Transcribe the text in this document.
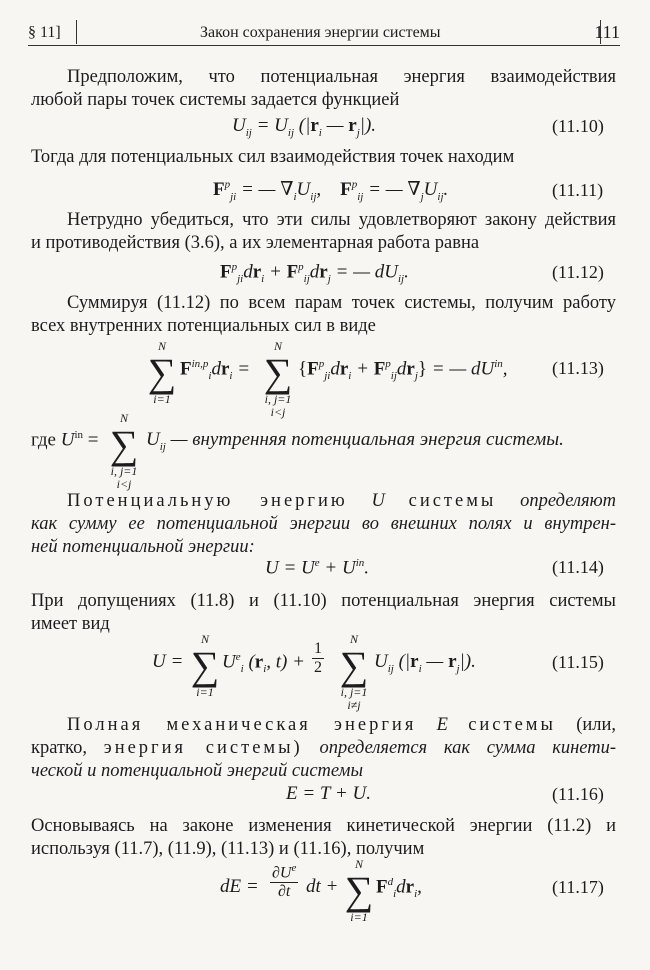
§ 11]	Закон сохранения энергии системы	111

Предположим, что потенциальная энергия взаимодействия

любой пары точек системы задается функцией

$U_{ij} = U_{ij}$ ($|r_i$ — $r_j|$).	(11.10)

Тогда для потенциальных сил взаимодействия точек находим

$F^p_{ji}$ = — $\nabla_iU_{ij}$,    $F^p_{ij}$ = — $\nabla_jU_{ij}$.	(11.11)

Нетрудно убедиться, что эти силы удовлетворяют закону действия

и противодействия (3.6), а их элементарная работа равна

$F^p_{ji}dr_i + F^p_{ij}dr_j$ = — $dU_{ij}$.	(11.12)

Суммируя (11.12) по всем парам точек системы, получим работу

всех внутренних потенциальных сил в виде

N
∑
i=1
$F^{in,p}_idr_i$ =
N
∑
i, j=1
i<j
$\{F^p_{ji}dr_i + F^p_{ij}dr_j\}$ = — $dU^{in}$, (11.13)
где $U^{in}$ =
N
∑
i, j=1
i<j
$U_{ij}$ — внутренняя потенциальная энергия системы.

Потенциальную энергию U системы определяют

как сумму ее потенциальной энергии во внешних полях и внутрен-

ней потенциальной энергии:

$U = U^e + U^{in}$.	(11.14)

При допущениях (11.8) и (11.10) потенциальная энергия системы

имеет вид

U =
N
∑
i=1
$U^e_i$ ($r_i$, $t) + \frac{1}{2}$
N
∑
i, j=1
i≠j
$U_{ij}$ ($|r_i$ — $r_j|$).	(11.15)

Полная механическая энергия E системы (или,

кратко, энергия системы) определяется как сумма кинети-

ческой и потенциальной энергий системы

E = T + U.	(11.16)

Основываясь на законе изменения кинетической энергии (11.2) и

используя (11.7), (11.9), (11.13) и (11.16), получим

dE = $\frac{\partial U^e}{\partial t}$ dt +
N
∑
i=1
$F^d_idr_i$,	(11.17)
